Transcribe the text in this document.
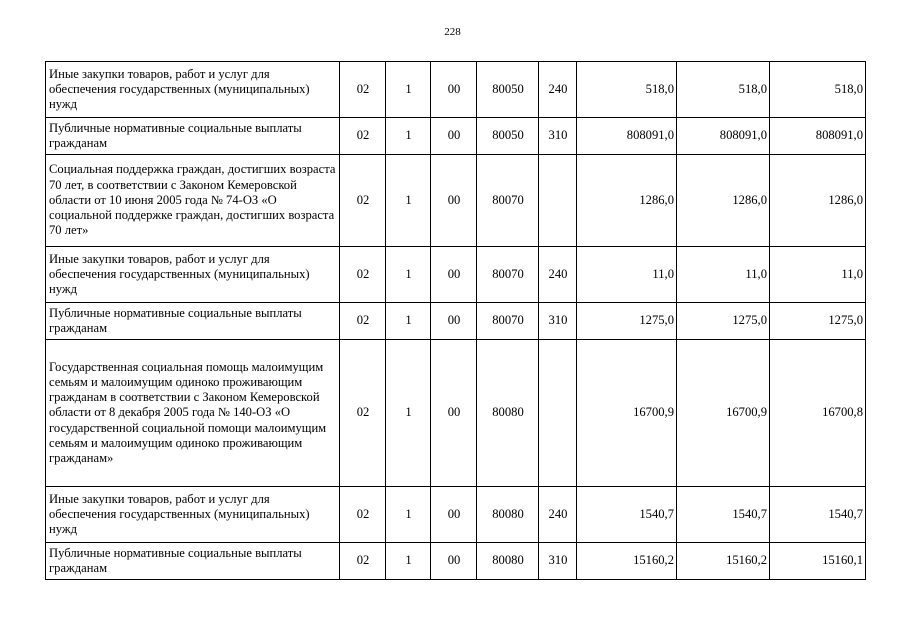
228
Иные закупки товаров, работ и услуг для обеспечения государственных (муниципальных) нужд	02	1	00	80050	240	518,0	518,0	518,0
Публичные нормативные социальные выплаты гражданам	02	1	00	80050	310	808091,0	808091,0	808091,0
Социальная поддержка граждан, достигших возраста 70 лет, в соответствии с Законом Кемеровской области от 10 июня 2005 года № 74-ОЗ «О социальной поддержке граждан, достигших возраста 70 лет»	02	1	00	80070		1286,0	1286,0	1286,0
Иные закупки товаров, работ и услуг для обеспечения государственных (муниципальных) нужд	02	1	00	80070	240	11,0	11,0	11,0
Публичные нормативные социальные выплаты гражданам	02	1	00	80070	310	1275,0	1275,0	1275,0
Государственная социальная помощь малоимущим семьям и малоимущим одиноко проживающим гражданам в соответствии с Законом Кемеровской области от 8 декабря 2005 года № 140-ОЗ «О государственной социальной помощи малоимущим семьям и малоимущим одиноко проживающим гражданам»	02	1	00	80080		16700,9	16700,9	16700,8
Иные закупки товаров, работ и услуг для обеспечения государственных (муниципальных) нужд	02	1	00	80080	240	1540,7	1540,7	1540,7
Публичные нормативные социальные выплаты гражданам	02	1	00	80080	310	15160,2	15160,2	15160,1
